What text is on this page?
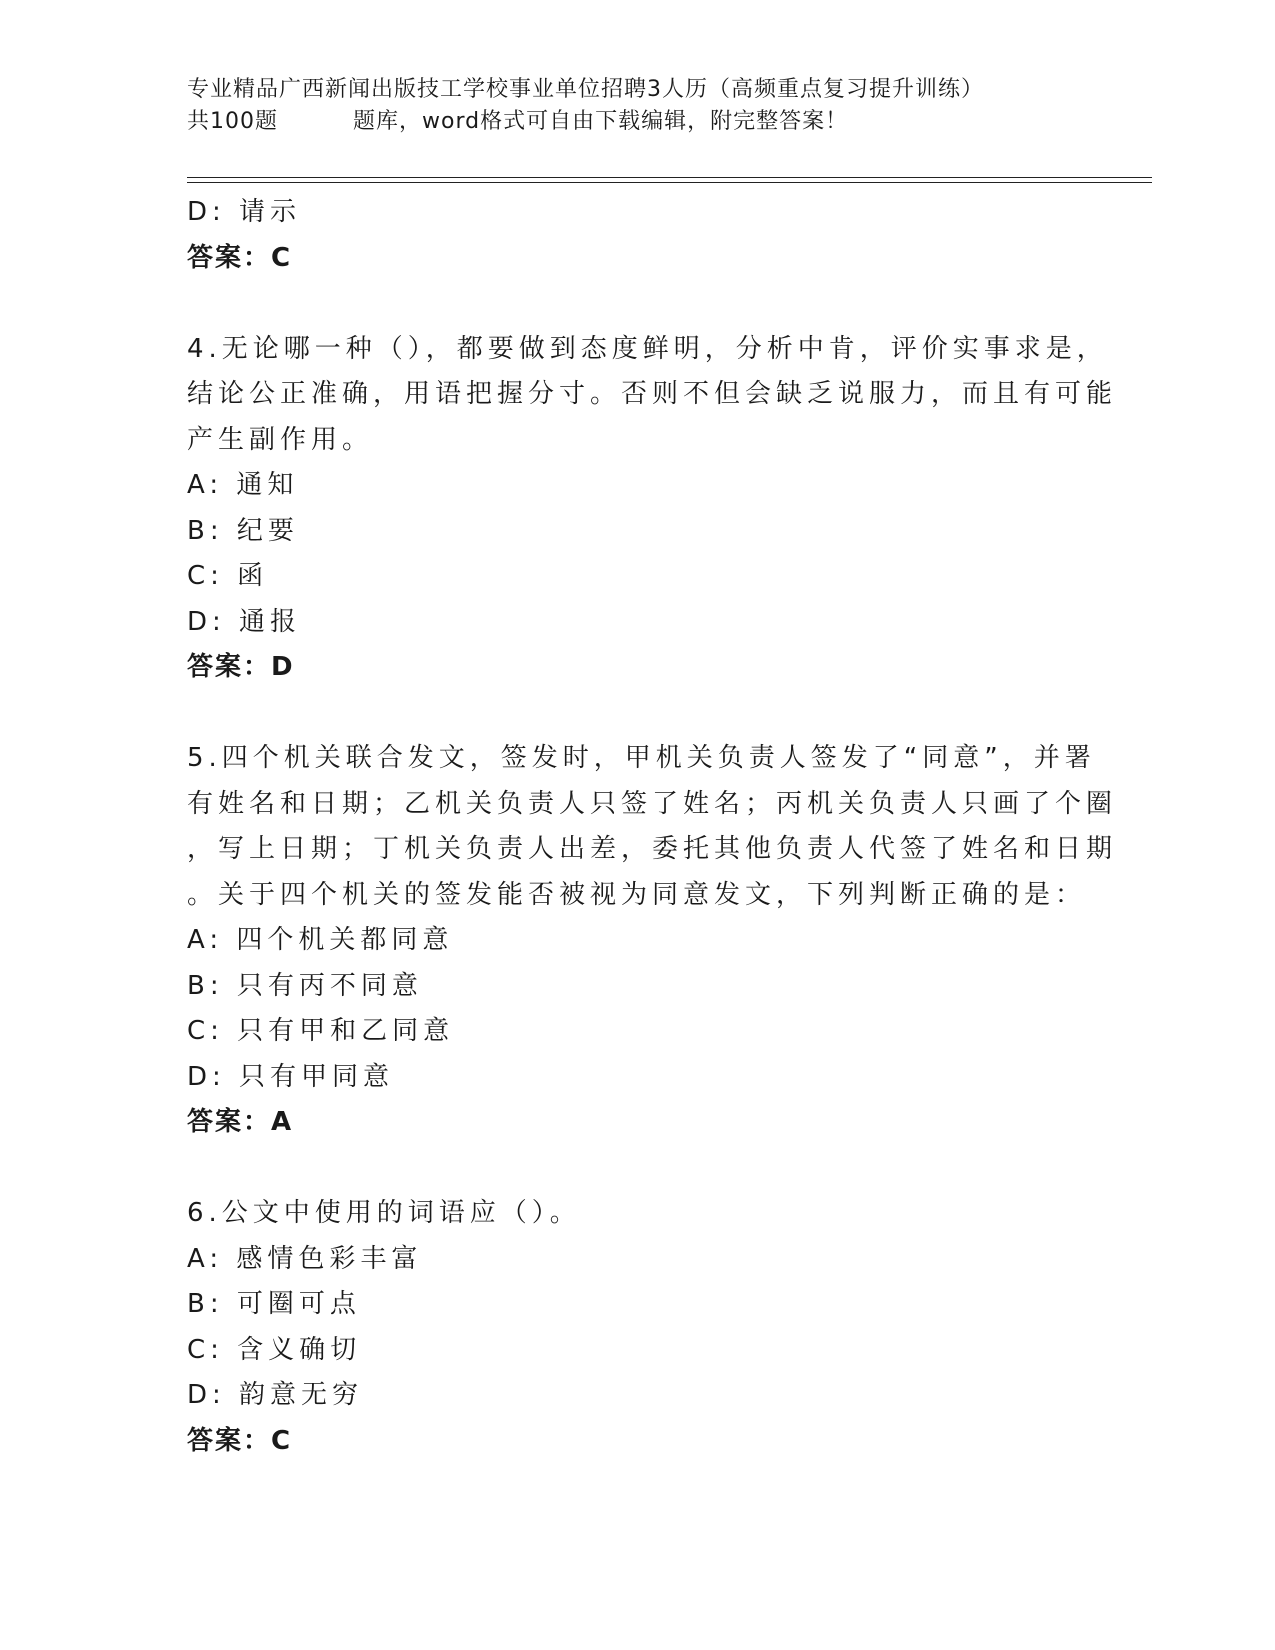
专业精品广西新闻出版技工学校事业单位招聘3人历（高频重点复习提升训练）
共100题	题库，word格式可自由下载编辑，附完整答案！
D: 请示
答案：C
4.无论哪一种（），都要做到态度鲜明，分析中肯，评价实事求是，
结论公正准确，用语把握分寸。否则不但会缺乏说服力，而且有可能
产生副作用。
A: 通知
B: 纪要
C: 函
D: 通报
答案：D
5.四个机关联合发文，签发时，甲机关负责人签发了“同意”，并署
有姓名和日期；乙机关负责人只签了姓名；丙机关负责人只画了个圈
，写上日期；丁机关负责人出差，委托其他负责人代签了姓名和日期
。关于四个机关的签发能否被视为同意发文，下列判断正确的是：
A: 四个机关都同意
B: 只有丙不同意
C: 只有甲和乙同意
D: 只有甲同意
答案：A
6.公文中使用的词语应（）。
A: 感情色彩丰富
B: 可圈可点
C: 含义确切
D: 韵意无穷
答案：C
